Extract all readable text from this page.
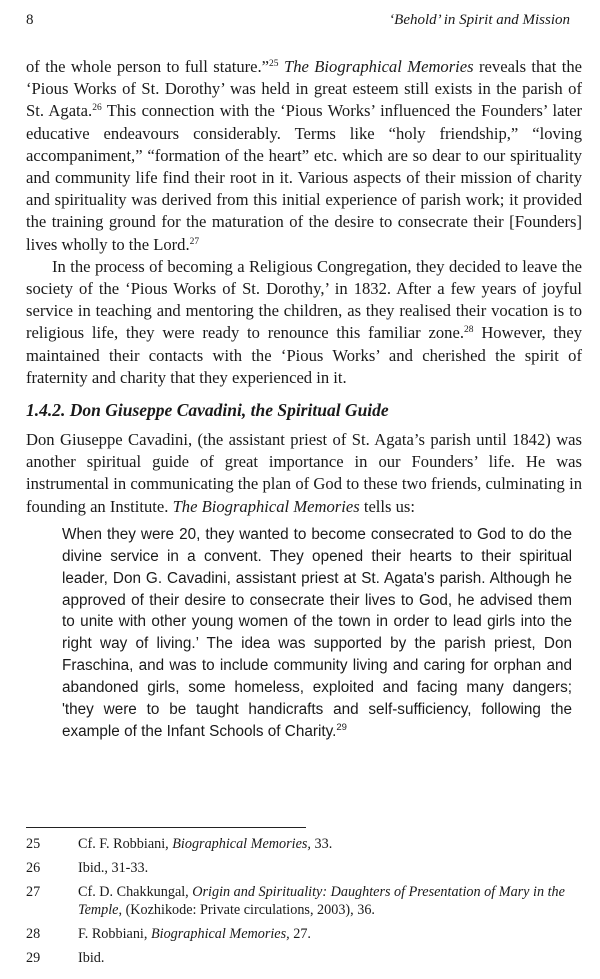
8	‘Behold’ in Spirit and Mission

of the whole person to full stature.”$^{25}$ The Biographical Memories reveals that the ‘Pious Works of St. Dorothy’ was held in great esteem still exists in the parish of St. Agata.$^{26}$ This connection with the ‘Pious Works’ influenced the Founders’ later educative endeavours considerably. Terms like “holy friendship,” “loving accompaniment,” “formation of the heart” etc. which are so dear to our spirituality and community life find their root in it. Various aspects of their mission of charity and spirituality was derived from this initial experience of parish work; it provided the training ground for the maturation of the desire to consecrate their [Founders] lives wholly to the Lord.$^{27}$

In the process of becoming a Religious Congregation, they decided to leave the society of the ‘Pious Works of St. Dorothy,’ in 1832. After a few years of joyful service in teaching and mentoring the children, as they realised their vocation is to religious life, they were ready to renounce this familiar zone.$^{28}$ However, they maintained their contacts with the ‘Pious Works’ and cherished the spirit of fraternity and charity that they experienced in it.

1.4.2. Don Giuseppe Cavadini, the Spiritual Guide

Don Giuseppe Cavadini, (the assistant priest of St. Agata’s parish until 1842) was another spiritual guide of great importance in our Founders’ life. He was instrumental in communicating the plan of God to these two friends, culminating in founding an Institute. The Biographical Memories tells us:

When they were 20, they wanted to become consecrated to God to do the divine service in a convent. They opened their hearts to their spiritual leader, Don G. Cavadini, assistant priest at St. Agata's parish. Although he approved of their desire to consecrate their lives to God, he advised them to unite with other young women of the town in order to lead girls into the right way of living.’ The idea was supported by the parish priest, Don Fraschina, and was to include community living and caring for orphan and abandoned girls, some homeless, exploited and facing many dangers; 'they were to be taught handicrafts and self-sufficiency, following the example of the Infant Schools of Charity.$^{29}$
25	Cf. F. Robbiani, Biographical Memories, 33.
26	Ibid., 31-33.
27	Cf. D. Chakkungal, Origin and Spirituality: Daughters of Presentation of Mary in the Temple, (Kozhikode: Private circulations, 2003), 36.
28	F. Robbiani, Biographical Memories, 27.
29	Ibid.
